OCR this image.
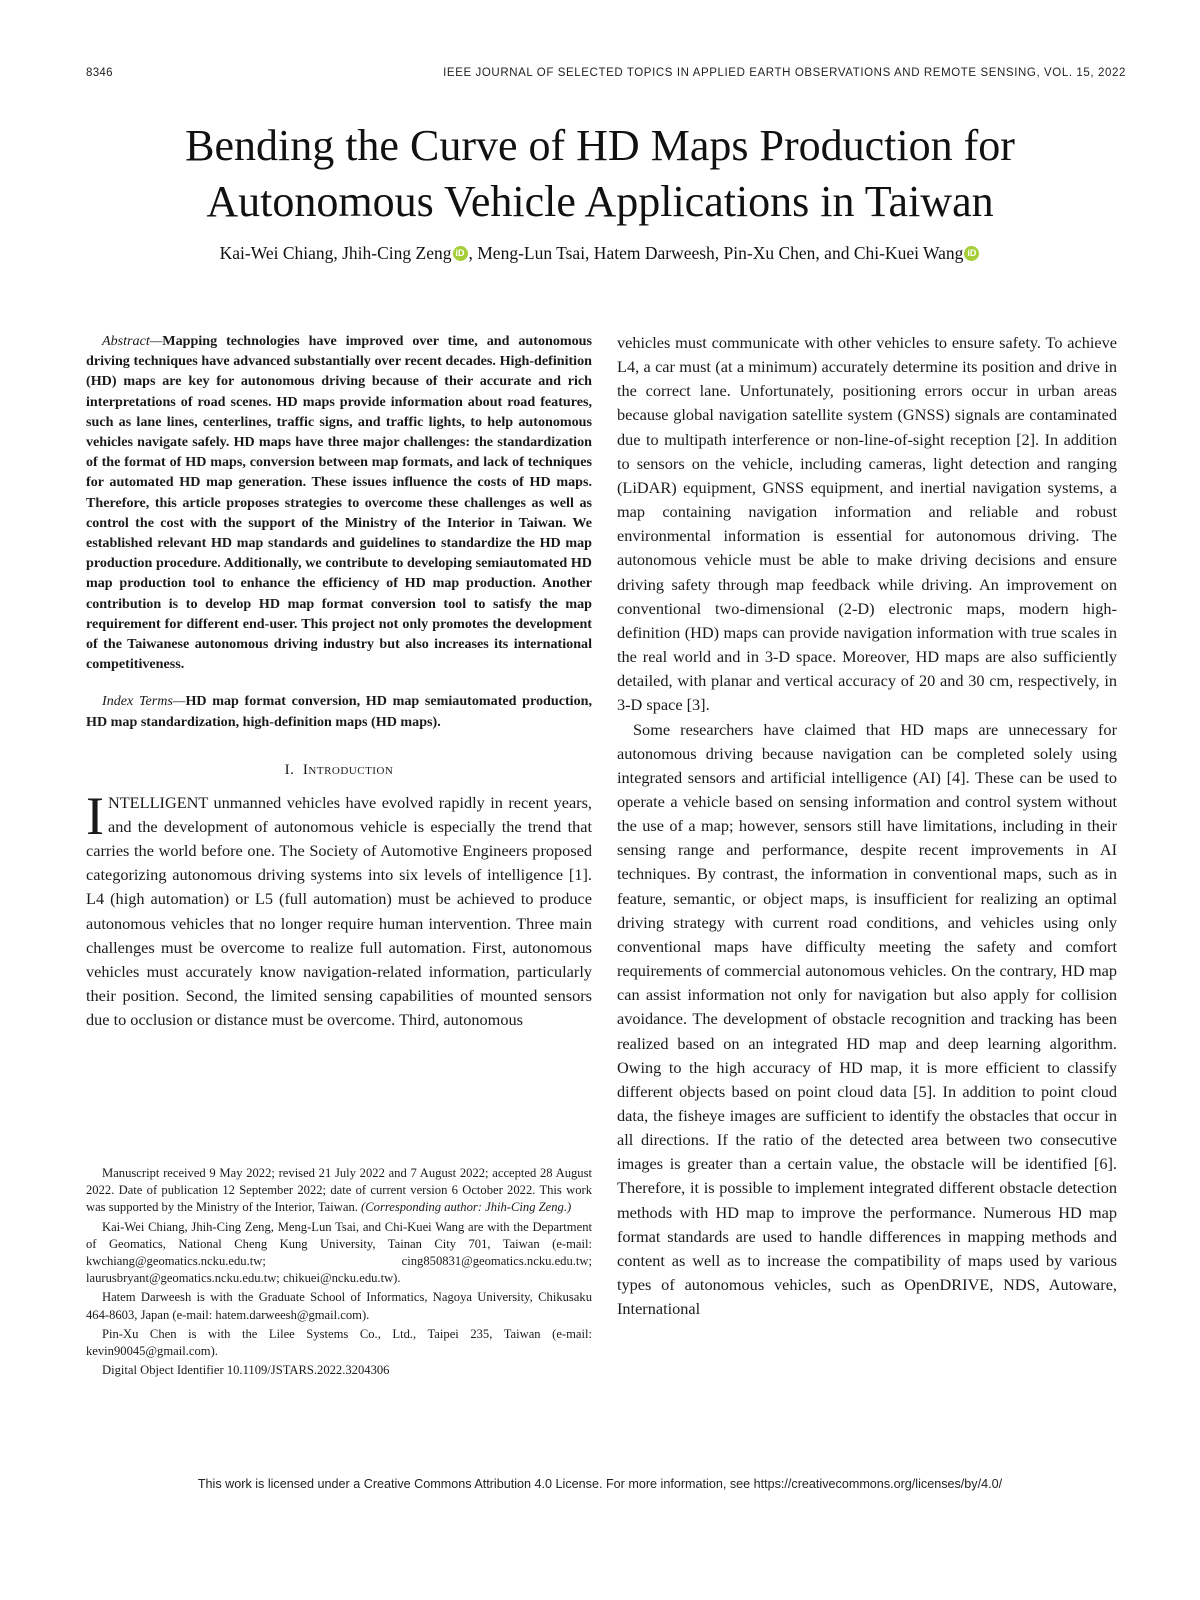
8346	IEEE JOURNAL OF SELECTED TOPICS IN APPLIED EARTH OBSERVATIONS AND REMOTE SENSING, VOL. 15, 2022
Bending the Curve of HD Maps Production for
Autonomous Vehicle Applications in Taiwan
Kai-Wei Chiang, Jhih-Cing Zeng iD , Meng-Lun Tsai, Hatem Darweesh, Pin-Xu Chen, and Chi-Kuei Wang iD

Abstract—Mapping technologies have improved over time, and autonomous driving techniques have advanced substantially over recent decades. High-definition (HD) maps are key for autonomous driving because of their accurate and rich interpretations of road scenes. HD maps provide information about road features, such as lane lines, centerlines, traffic signs, and traffic lights, to help autonomous vehicles navigate safely. HD maps have three major challenges: the standardization of the format of HD maps, conversion between map formats, and lack of techniques for automated HD map generation. These issues influence the costs of HD maps. Therefore, this article proposes strategies to overcome these challenges as well as control the cost with the support of the Ministry of the Interior in Taiwan. We established relevant HD map standards and guidelines to standardize the HD map production procedure. Additionally, we contribute to developing semiautomated HD map production tool to enhance the efficiency of HD map production. Another contribution is to develop HD map format conversion tool to satisfy the map requirement for different end-user. This project not only promotes the development of the Taiwanese autonomous driving industry but also increases its international competitiveness.

Index Terms—HD map format conversion, HD map semiautomated production, HD map standardization, high-definition maps (HD maps).

I. Introduction

INTELLIGENT unmanned vehicles have evolved rapidly in recent years, and the development of autonomous vehicle is especially the trend that carries the world before one. The Society of Automotive Engineers proposed categorizing autonomous driving systems into six levels of intelligence [1]. L4 (high automation) or L5 (full automation) must be achieved to produce autonomous vehicles that no longer require human intervention. Three main challenges must be overcome to realize full automation. First, autonomous vehicles must accurately know navigation-related information, particularly their position. Second, the limited sensing capabilities of mounted sensors due to occlusion or distance must be overcome. Third, autonomous

Manuscript received 9 May 2022; revised 21 July 2022 and 7 August 2022; accepted 28 August 2022. Date of publication 12 September 2022; date of current version 6 October 2022. This work was supported by the Ministry of the Interior, Taiwan. (Corresponding author: Jhih-Cing Zeng.)

Kai-Wei Chiang, Jhih-Cing Zeng, Meng-Lun Tsai, and Chi-Kuei Wang are with the Department of Geomatics, National Cheng Kung University, Tainan City 701, Taiwan (e-mail: kwchiang@geomatics.ncku.edu.tw; cing850831@geomatics.ncku.edu.tw; laurusbryant@geomatics.ncku.edu.tw; chikuei@ncku.edu.tw).

Hatem Darweesh is with the Graduate School of Informatics, Nagoya University, Chikusaku 464-8603, Japan (e-mail: hatem.darweesh@gmail.com).

Pin-Xu Chen is with the Lilee Systems Co., Ltd., Taipei 235, Taiwan (e-mail: kevin90045@gmail.com).

Digital Object Identifier 10.1109/JSTARS.2022.3204306

vehicles must communicate with other vehicles to ensure safety. To achieve L4, a car must (at a minimum) accurately determine its position and drive in the correct lane. Unfortunately, positioning errors occur in urban areas because global navigation satellite system (GNSS) signals are contaminated due to multipath interference or non-line-of-sight reception [2]. In addition to sensors on the vehicle, including cameras, light detection and ranging (LiDAR) equipment, GNSS equipment, and inertial navigation systems, a map containing navigation information and reliable and robust environmental information is essential for autonomous driving. The autonomous vehicle must be able to make driving decisions and ensure driving safety through map feedback while driving. An improvement on conventional two-dimensional (2-D) electronic maps, modern high-definition (HD) maps can provide navigation information with true scales in the real world and in 3-D space. Moreover, HD maps are also sufficiently detailed, with planar and vertical accuracy of 20 and 30 cm, respectively, in 3-D space [3].

Some researchers have claimed that HD maps are unnecessary for autonomous driving because navigation can be completed solely using integrated sensors and artificial intelligence (AI) [4]. These can be used to operate a vehicle based on sensing information and control system without the use of a map; however, sensors still have limitations, including in their sensing range and performance, despite recent improvements in AI techniques. By contrast, the information in conventional maps, such as in feature, semantic, or object maps, is insufficient for realizing an optimal driving strategy with current road conditions, and vehicles using only conventional maps have difficulty meeting the safety and comfort requirements of commercial autonomous vehicles. On the contrary, HD map can assist information not only for navigation but also apply for collision avoidance. The development of obstacle recognition and tracking has been realized based on an integrated HD map and deep learning algorithm. Owing to the high accuracy of HD map, it is more efficient to classify different objects based on point cloud data [5]. In addition to point cloud data, the fisheye images are sufficient to identify the obstacles that occur in all directions. If the ratio of the detected area between two consecutive images is greater than a certain value, the obstacle will be identified [6]. Therefore, it is possible to implement integrated different obstacle detection methods with HD map to improve the performance. Numerous HD map format standards are used to handle differences in mapping methods and content as well as to increase the compatibility of maps used by various types of autonomous vehicles, such as OpenDRIVE, NDS, Autoware, International

This work is licensed under a Creative Commons Attribution 4.0 License. For more information, see https://creativecommons.org/licenses/by/4.0/
